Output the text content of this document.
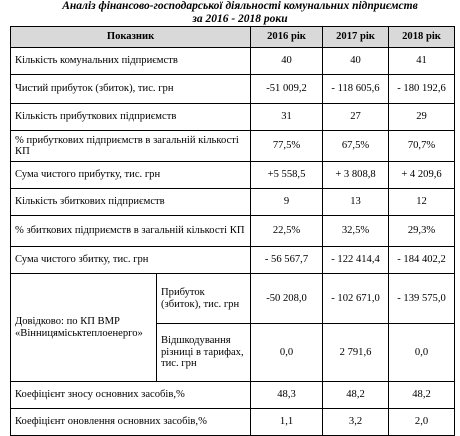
Аналіз фінансово-господарської діяльності комунальних підприємств
за 2016 - 2018 роки
Показник		2016 рік	2017 рік	2018 рік
Кількість комунальних підприємств		40	40	41
Чистий прибуток (збиток), тис. грн		-51 009,2	- 118 605,6	- 180 192,6
Кількість прибуткових підприємств		31	27	29
% прибуткових підприємств в загальній кількості КП		77,5%	67,5%	70,7%
Сума чистого прибутку, тис. грн		+5 558,5	+ 3 808,8	+ 4 209,6
Кількість збиткових підприємств		9	13	12
% збиткових підприємств в загальній кількості КП		22,5%	32,5%	29,3%
Сума чистого збитку, тис. грн		- 56 567,7	- 122 414,4	- 184 402,2
Довідково: по КП ВМР «Вінницяміськтеплоенерго»	Прибуток (збиток), тис. грн	-50 208,0	- 102 671,0	- 139 575,0
	Відшкодування різниці в тарифах, тис. грн	0,0	2 791,6	0,0
Коефіцієнт зносу основних засобів,%		48,3	48,2	48,2
Коефіцієнт оновлення основних засобів,%		1,1	3,2	2,0
